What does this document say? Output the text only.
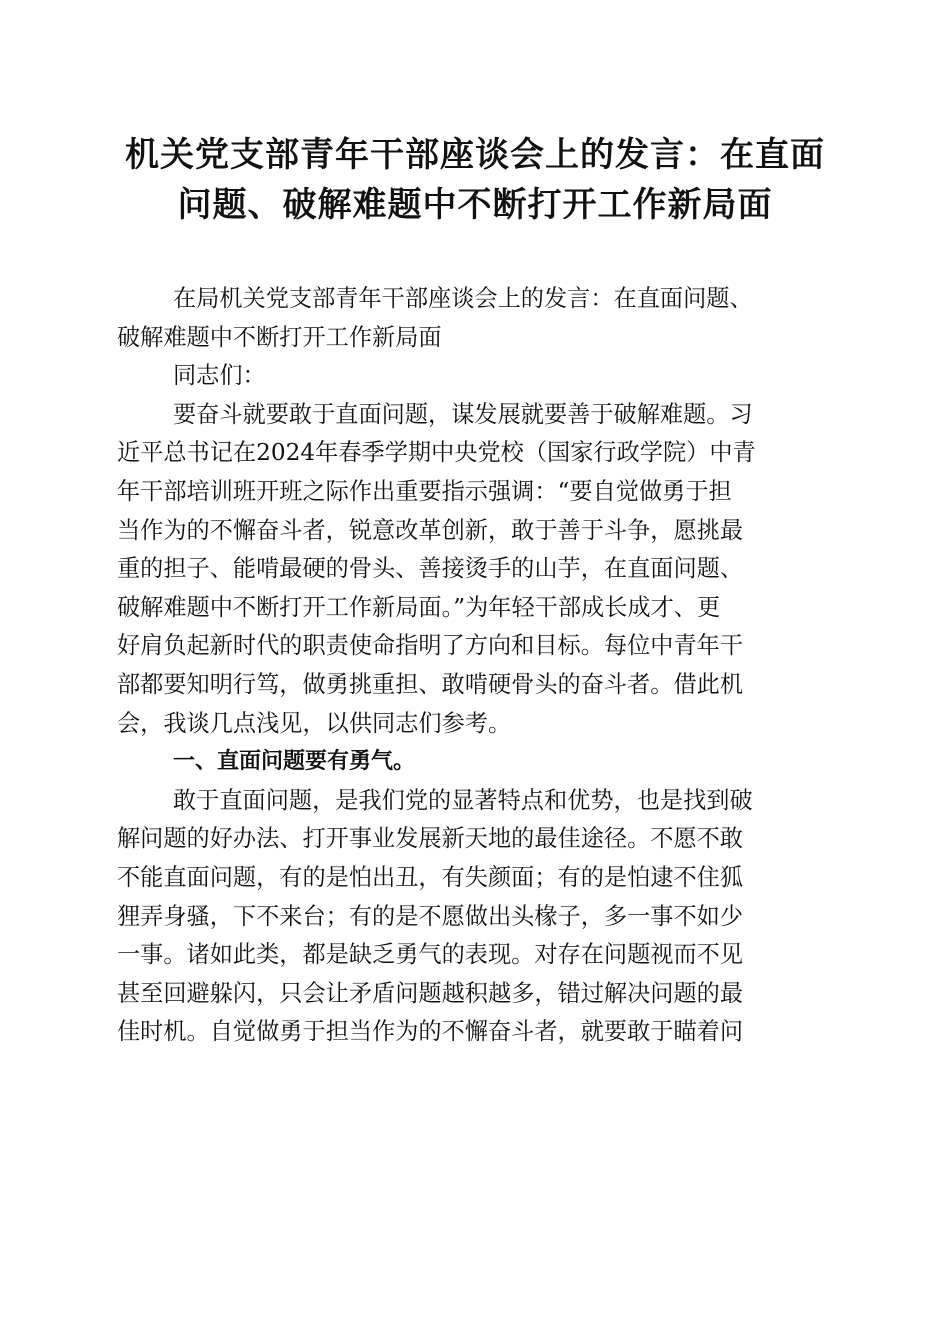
机关党支部青年干部座谈会上的发言：在直面
问题、破解难题中不断打开工作新局面
在局机关党支部青年干部座谈会上的发言：在直面问题、
破解难题中不断打开工作新局面
同志们：
要奋斗就要敢于直面问题，谋发展就要善于破解难题。习
近平总书记在2024年春季学期中央党校（国家行政学院）中青
年干部培训班开班之际作出重要指示强调：“要自觉做勇于担
当作为的不懈奋斗者，锐意改革创新，敢于善于斗争，愿挑最
重的担子、能啃最硬的骨头、善接烫手的山芋，在直面问题、
破解难题中不断打开工作新局面。”为年轻干部成长成才、更
好肩负起新时代的职责使命指明了方向和目标。每位中青年干
部都要知明行笃，做勇挑重担、敢啃硬骨头的奋斗者。借此机
会，我谈几点浅见，以供同志们参考。
一、直面问题要有勇气。
敢于直面问题，是我们党的显著特点和优势，也是找到破
解问题的好办法、打开事业发展新天地的最佳途径。不愿不敢
不能直面问题，有的是怕出丑，有失颜面；有的是怕逮不住狐
狸弄身骚，下不来台；有的是不愿做出头椽子，多一事不如少
一事。诸如此类，都是缺乏勇气的表现。对存在问题视而不见
甚至回避躲闪，只会让矛盾问题越积越多，错过解决问题的最
佳时机。自觉做勇于担当作为的不懈奋斗者，就要敢于瞄着问
